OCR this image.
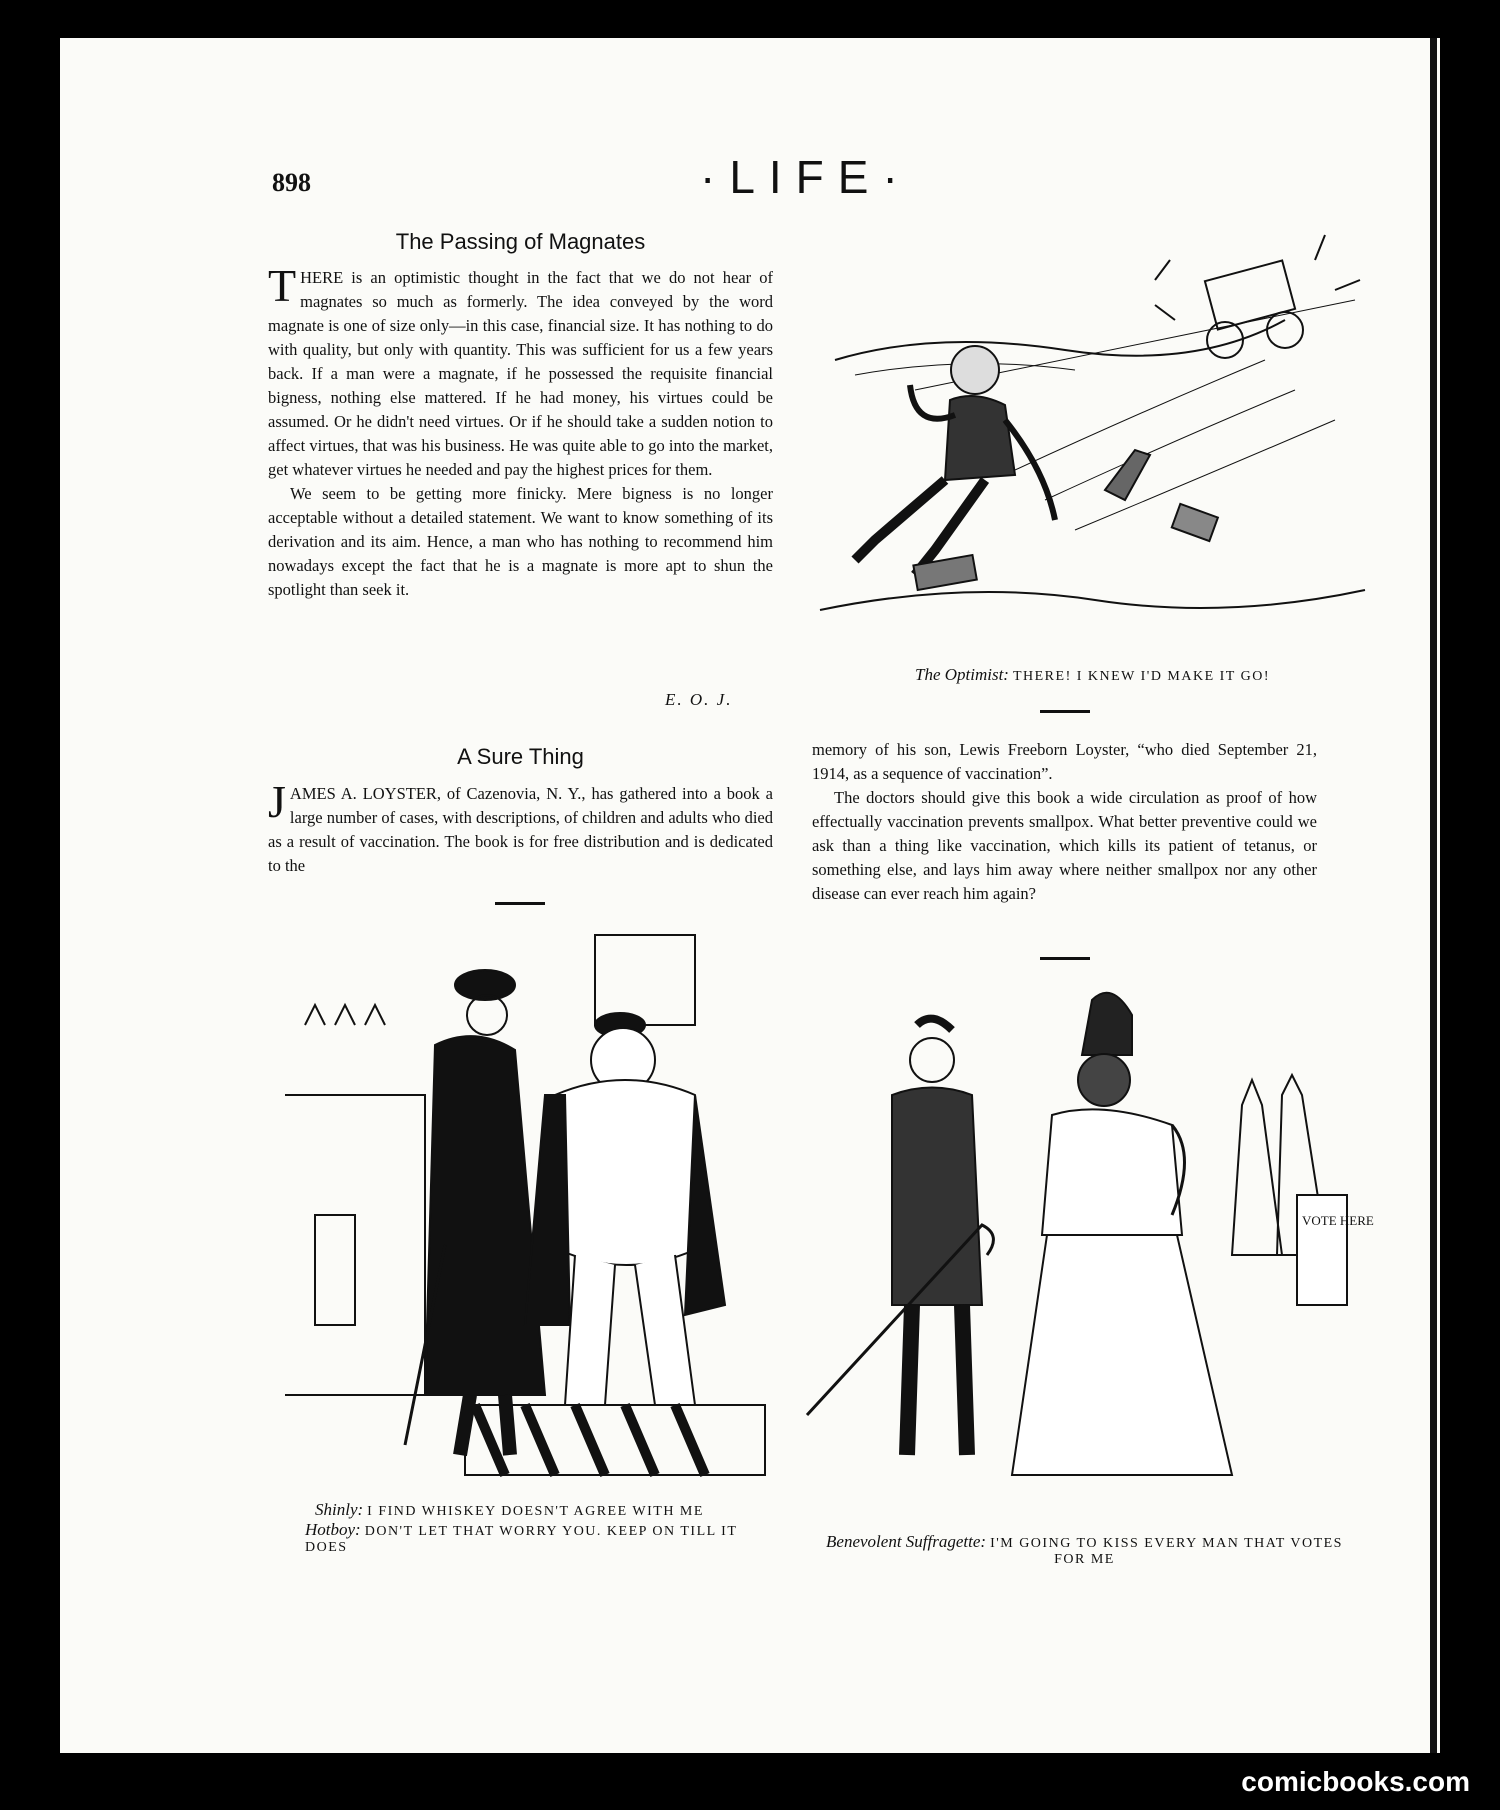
898	·LIFE·
The Passing of Magnates

THERE is an optimistic thought in the fact that we do not hear of magnates so much as formerly. The idea conveyed by the word magnate is one of size only—in this case, financial size. It has nothing to do with quality, but only with quantity. This was sufficient for us a few years back. If a man were a magnate, if he possessed the requisite financial bigness, nothing else mattered. If he had money, his virtues could be assumed. Or he didn't need virtues. Or if he should take a sudden notion to affect virtues, that was his business. He was quite able to go into the market, get whatever virtues he needed and pay the highest prices for them.

We seem to be getting more finicky. Mere bigness is no longer acceptable without a detailed statement. We want to know something of its derivation and its aim. Hence, a man who has nothing to recommend him nowadays except the fact that he is a magnate is more apt to shun the spotlight than seek it.

E. O. J.
The Optimist: THERE! I KNEW I'D MAKE IT GO!
A Sure Thing

JAMES A. LOYSTER, of Cazenovia, N. Y., has gathered into a book a large number of cases, with descriptions, of children and adults who died as a result of vaccination. The book is for free distribution and is dedicated to the

memory of his son, Lewis Freeborn Loyster, “who died September 21, 1914, as a sequence of vaccination”.

The doctors should give this book a wide circulation as proof of how effectually vaccination prevents smallpox. What better preventive could we ask than a thing like vaccination, which kills its patient of tetanus, or something else, and lays him away where neither smallpox nor any other disease can ever reach him again?

Shinly: I FIND WHISKEY DOESN'T AGREE WITH ME
Hotboy: DON'T LET THAT WORRY YOU. KEEP ON TILL IT DOES
VOTE HERE
Benevolent Suffragette: I'M GOING TO KISS EVERY MAN THAT VOTES FOR ME
comicbooks.com
